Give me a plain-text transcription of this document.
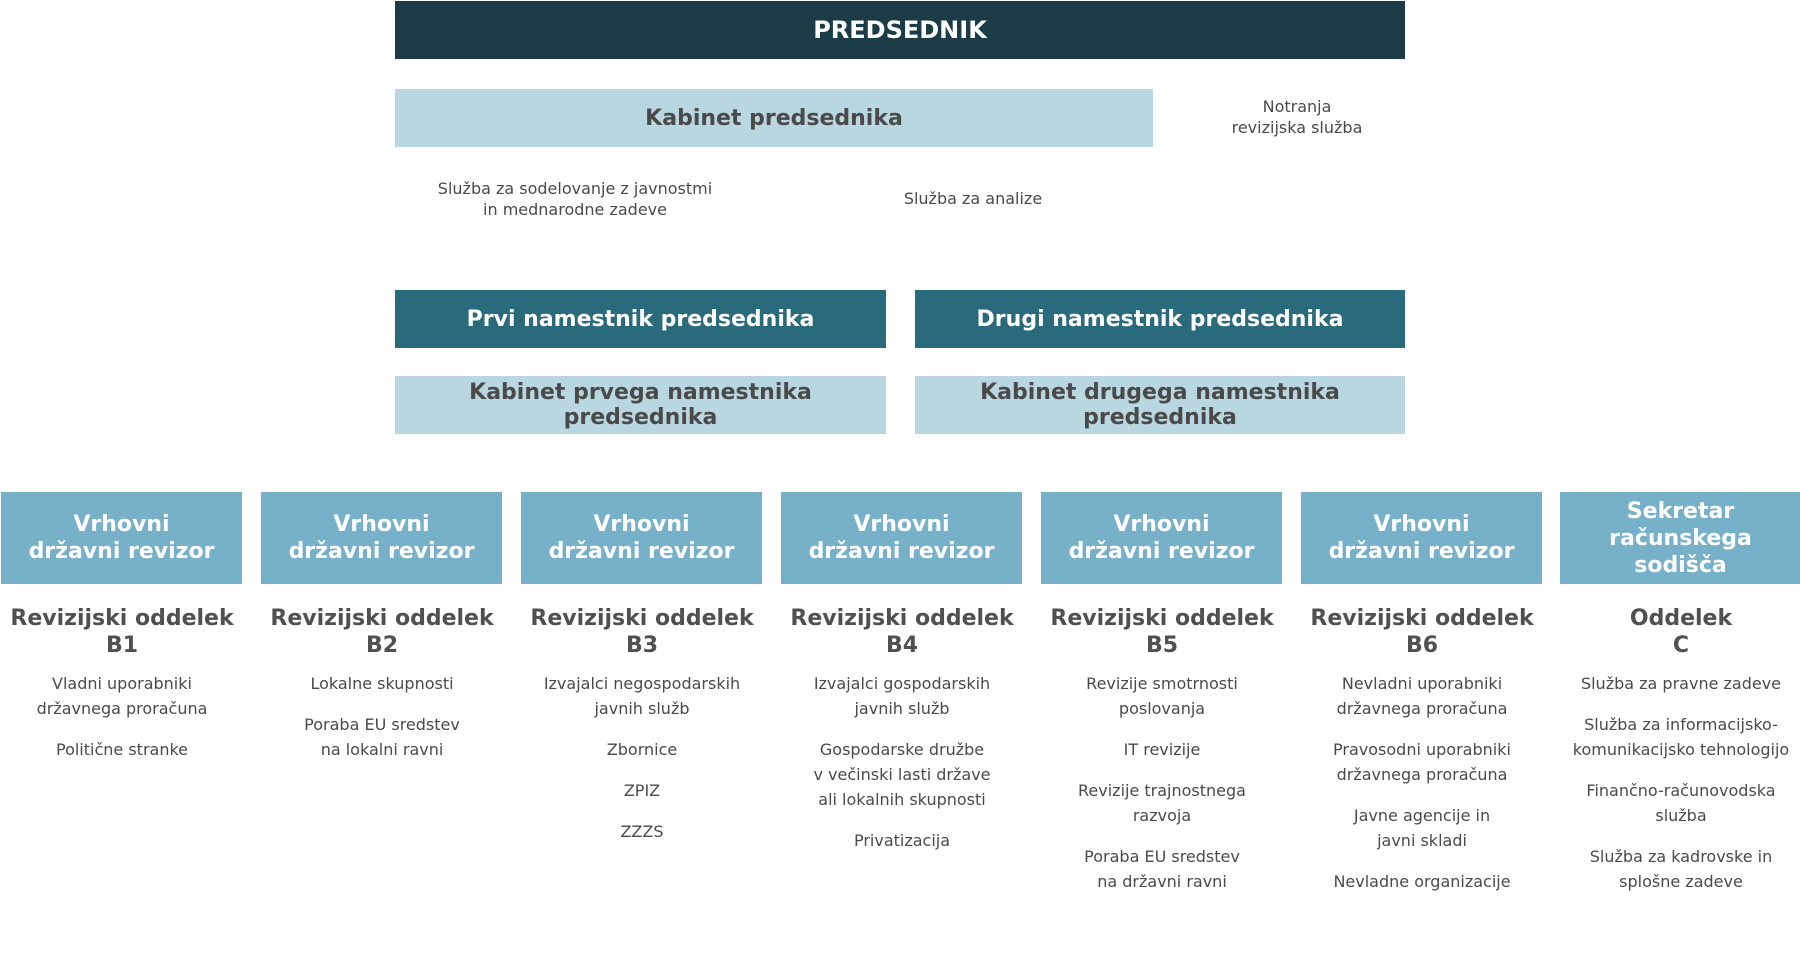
PREDSEDNIK
Kabinet predsednika	Notranja
revizijska služba
Služba za sodelovanje z javnostmi
in mednarodne zadeve
Služba za analize
Prvi namestnik predsednika	Drugi namestnik predsednika
Kabinet prvega namestnika predsednika
Kabinet drugega namestnika predsednika
Vrhovni
državni revizor
Revizijski oddelek
B1
Vladni uporabniki
državnega proračuna
Politične stranke
Vrhovni
državni revizor
Revizijski oddelek
B2
Lokalne skupnosti
Poraba EU sredstev
na lokalni ravni
Vrhovni
državni revizor
Revizijski oddelek
B3
Izvajalci negospodarskih
javnih služb
Zbornice
ZPIZ
ZZZS
Vrhovni
državni revizor
Revizijski oddelek
B4
Izvajalci gospodarskih
javnih služb
Gospodarske družbe
v večinski lasti države
ali lokalnih skupnosti
Privatizacija
Vrhovni
državni revizor
Revizijski oddelek
B5
Revizije smotrnosti
poslovanja
IT revizije
Revizije trajnostnega
razvoja
Poraba EU sredstev
na državni ravni
Vrhovni
državni revizor
Revizijski oddelek
B6
Nevladni uporabniki
državnega proračuna
Pravosodni uporabniki
državnega proračuna
Javne agencije in
javni skladi
Nevladne organizacije
Sekretar
računskega sodišča
Oddelek
C
Služba za pravne zadeve
Služba za informacijsko-
komunikacijsko tehnologijo
Finančno-računovodska
služba
Služba za kadrovske in
splošne zadeve
